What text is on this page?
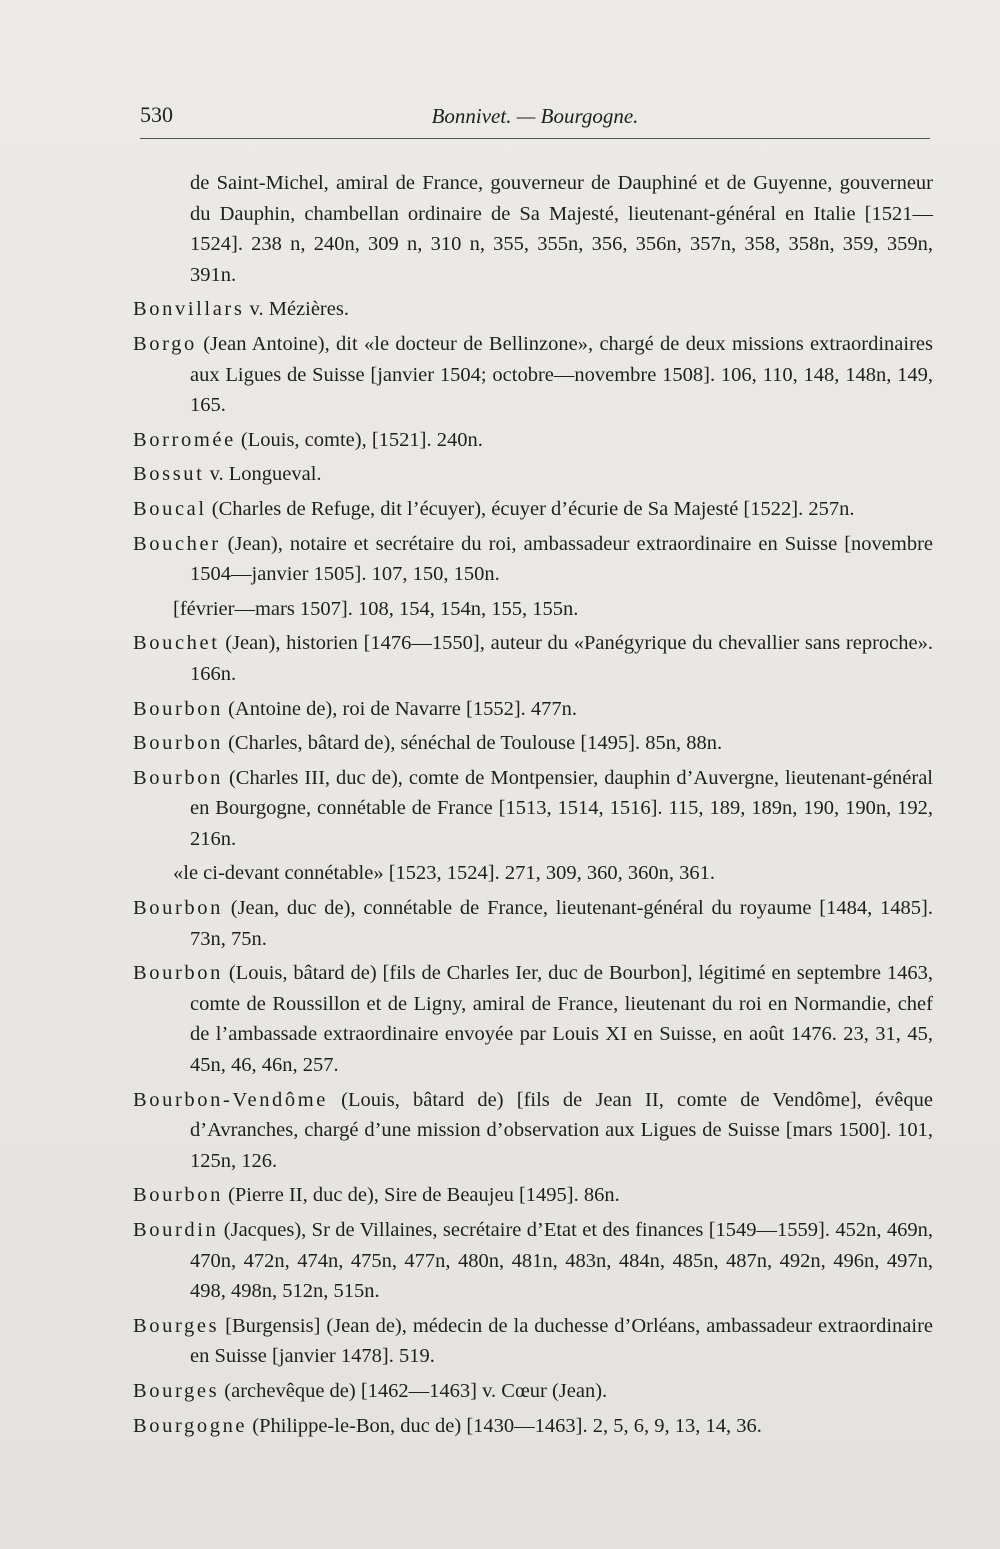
530	Bonnivet. — Bourgogne.

de Saint-Michel, amiral de France, gouverneur de Dauphiné et de Guyenne, gouverneur du Dauphin, chambellan ordinaire de Sa Majesté, lieutenant-général en Italie [1521—1524]. 238 n, 240n, 309 n, 310 n, 355, 355n, 356, 356n, 357n, 358, 358n, 359, 359n, 391n.

Bonvillars v. Mézières.

Borgo (Jean Antoine), dit «le docteur de Bellinzone», chargé de deux missions extraordinaires aux Ligues de Suisse [janvier 1504; octobre—novembre 1508]. 106, 110, 148, 148n, 149, 165.

Borromée (Louis, comte), [1521]. 240n.

Bossut v. Longueval.

Boucal (Charles de Refuge, dit l’écuyer), écuyer d’écurie de Sa Majesté [1522]. 257n.

Boucher (Jean), notaire et secrétaire du roi, ambassadeur extraordinaire en Suisse [novembre 1504—janvier 1505]. 107, 150, 150n.

[février—mars 1507]. 108, 154, 154n, 155, 155n.

Bouchet (Jean), historien [1476—1550], auteur du «Panégyrique du chevallier sans reproche». 166n.

Bourbon (Antoine de), roi de Navarre [1552]. 477n.

Bourbon (Charles, bâtard de), sénéchal de Toulouse [1495]. 85n, 88n.

Bourbon (Charles III, duc de), comte de Montpensier, dauphin d’Auvergne, lieutenant-général en Bourgogne, connétable de France [1513, 1514, 1516]. 115, 189, 189n, 190, 190n, 192, 216n.

«le ci-devant connétable» [1523, 1524]. 271, 309, 360, 360n, 361.

Bourbon (Jean, duc de), connétable de France, lieutenant-général du royaume [1484, 1485]. 73n, 75n.

Bourbon (Louis, bâtard de) [fils de Charles Ier, duc de Bourbon], légitimé en septembre 1463, comte de Roussillon et de Ligny, amiral de France, lieutenant du roi en Normandie, chef de l’ambassade extraordinaire envoyée par Louis XI en Suisse, en août 1476. 23, 31, 45, 45n, 46, 46n, 257.

Bourbon-Vendôme (Louis, bâtard de) [fils de Jean II, comte de Vendôme], évêque d’Avranches, chargé d’une mission d’observation aux Ligues de Suisse [mars 1500]. 101, 125n, 126.

Bourbon (Pierre II, duc de), Sire de Beaujeu [1495]. 86n.

Bourdin (Jacques), Sr de Villaines, secrétaire d’Etat et des finances [1549—1559]. 452n, 469n, 470n, 472n, 474n, 475n, 477n, 480n, 481n, 483n, 484n, 485n, 487n, 492n, 496n, 497n, 498, 498n, 512n, 515n.

Bourges [Burgensis] (Jean de), médecin de la duchesse d’Orléans, ambassadeur extraordinaire en Suisse [janvier 1478]. 519.

Bourges (archevêque de) [1462—1463] v. Cœur (Jean).

Bourgogne (Philippe-le-Bon, duc de) [1430—1463]. 2, 5, 6, 9, 13, 14, 36.
